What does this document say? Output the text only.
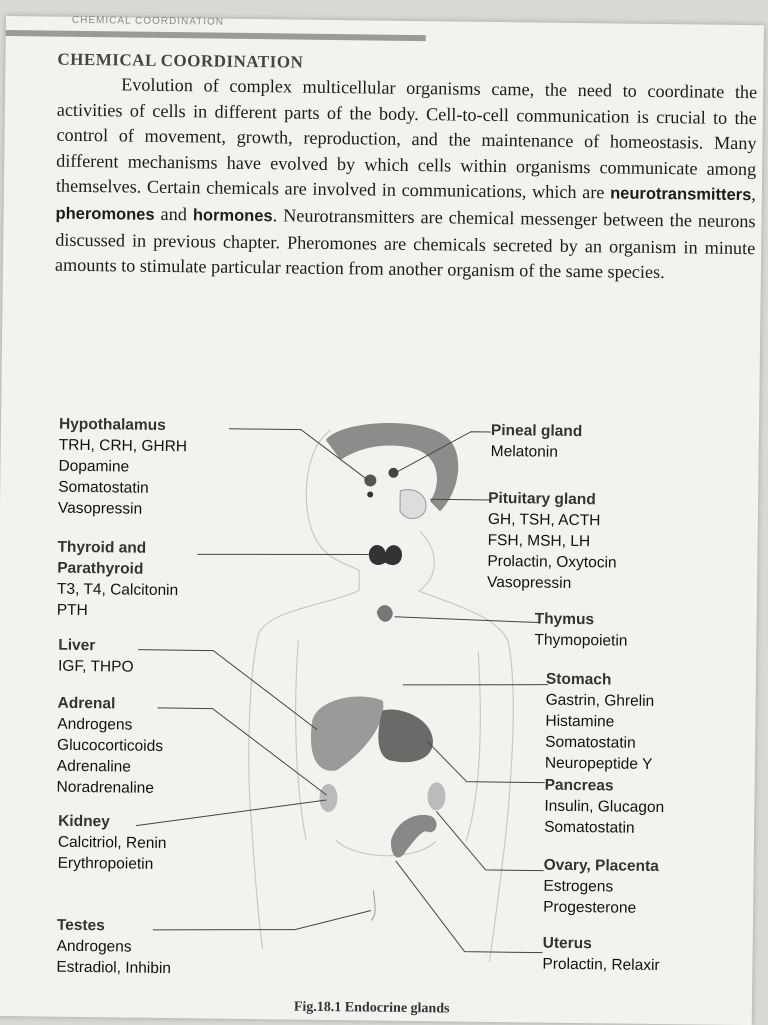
CHEMICAL COORDINATION
CHEMICAL COORDINATION

Evolution of complex multicellular organisms came, the need to coordinate the activities of cells in different parts of the body. Cell-to-cell communication is crucial to the control of movement, growth, reproduction, and the maintenance of homeostasis. Many different mechanisms have evolved by which cells within organisms communicate among themselves. Certain chemicals are involved in communications, which are neurotransmitters, pheromones and hormones. Neurotransmitters are chemical messenger between the neurons discussed in previous chapter. Pheromones are chemicals secreted by an organism in minute amounts to stimulate particular reaction from another organism of the same species.

Hypothalamus
TRH, CRH, GHRH
Dopamine
Somatostatin
Vasopressin
Thyroid and
Parathyroid
T3, T4, Calcitonin
PTH
Liver
IGF, THPO
Adrenal
Androgens
Glucocorticoids
Adrenaline
Noradrenaline
Kidney
Calcitriol, Renin
Erythropoietin
Testes
Androgens
Estradiol, Inhibin
Pineal gland
Melatonin
Pituitary gland
GH, TSH, ACTH
FSH, MSH, LH
Prolactin, Oxytocin
Vasopressin
Thymus
Thymopoietin
Stomach
Gastrin, Ghrelin
Histamine
Somatostatin
Neuropeptide Y
Pancreas
Insulin, Glucagon
Somatostatin
Ovary, Placenta
Estrogens
Progesterone
Uterus
Prolactin, Relaxir
Fig.18.1 Endocrine glands
